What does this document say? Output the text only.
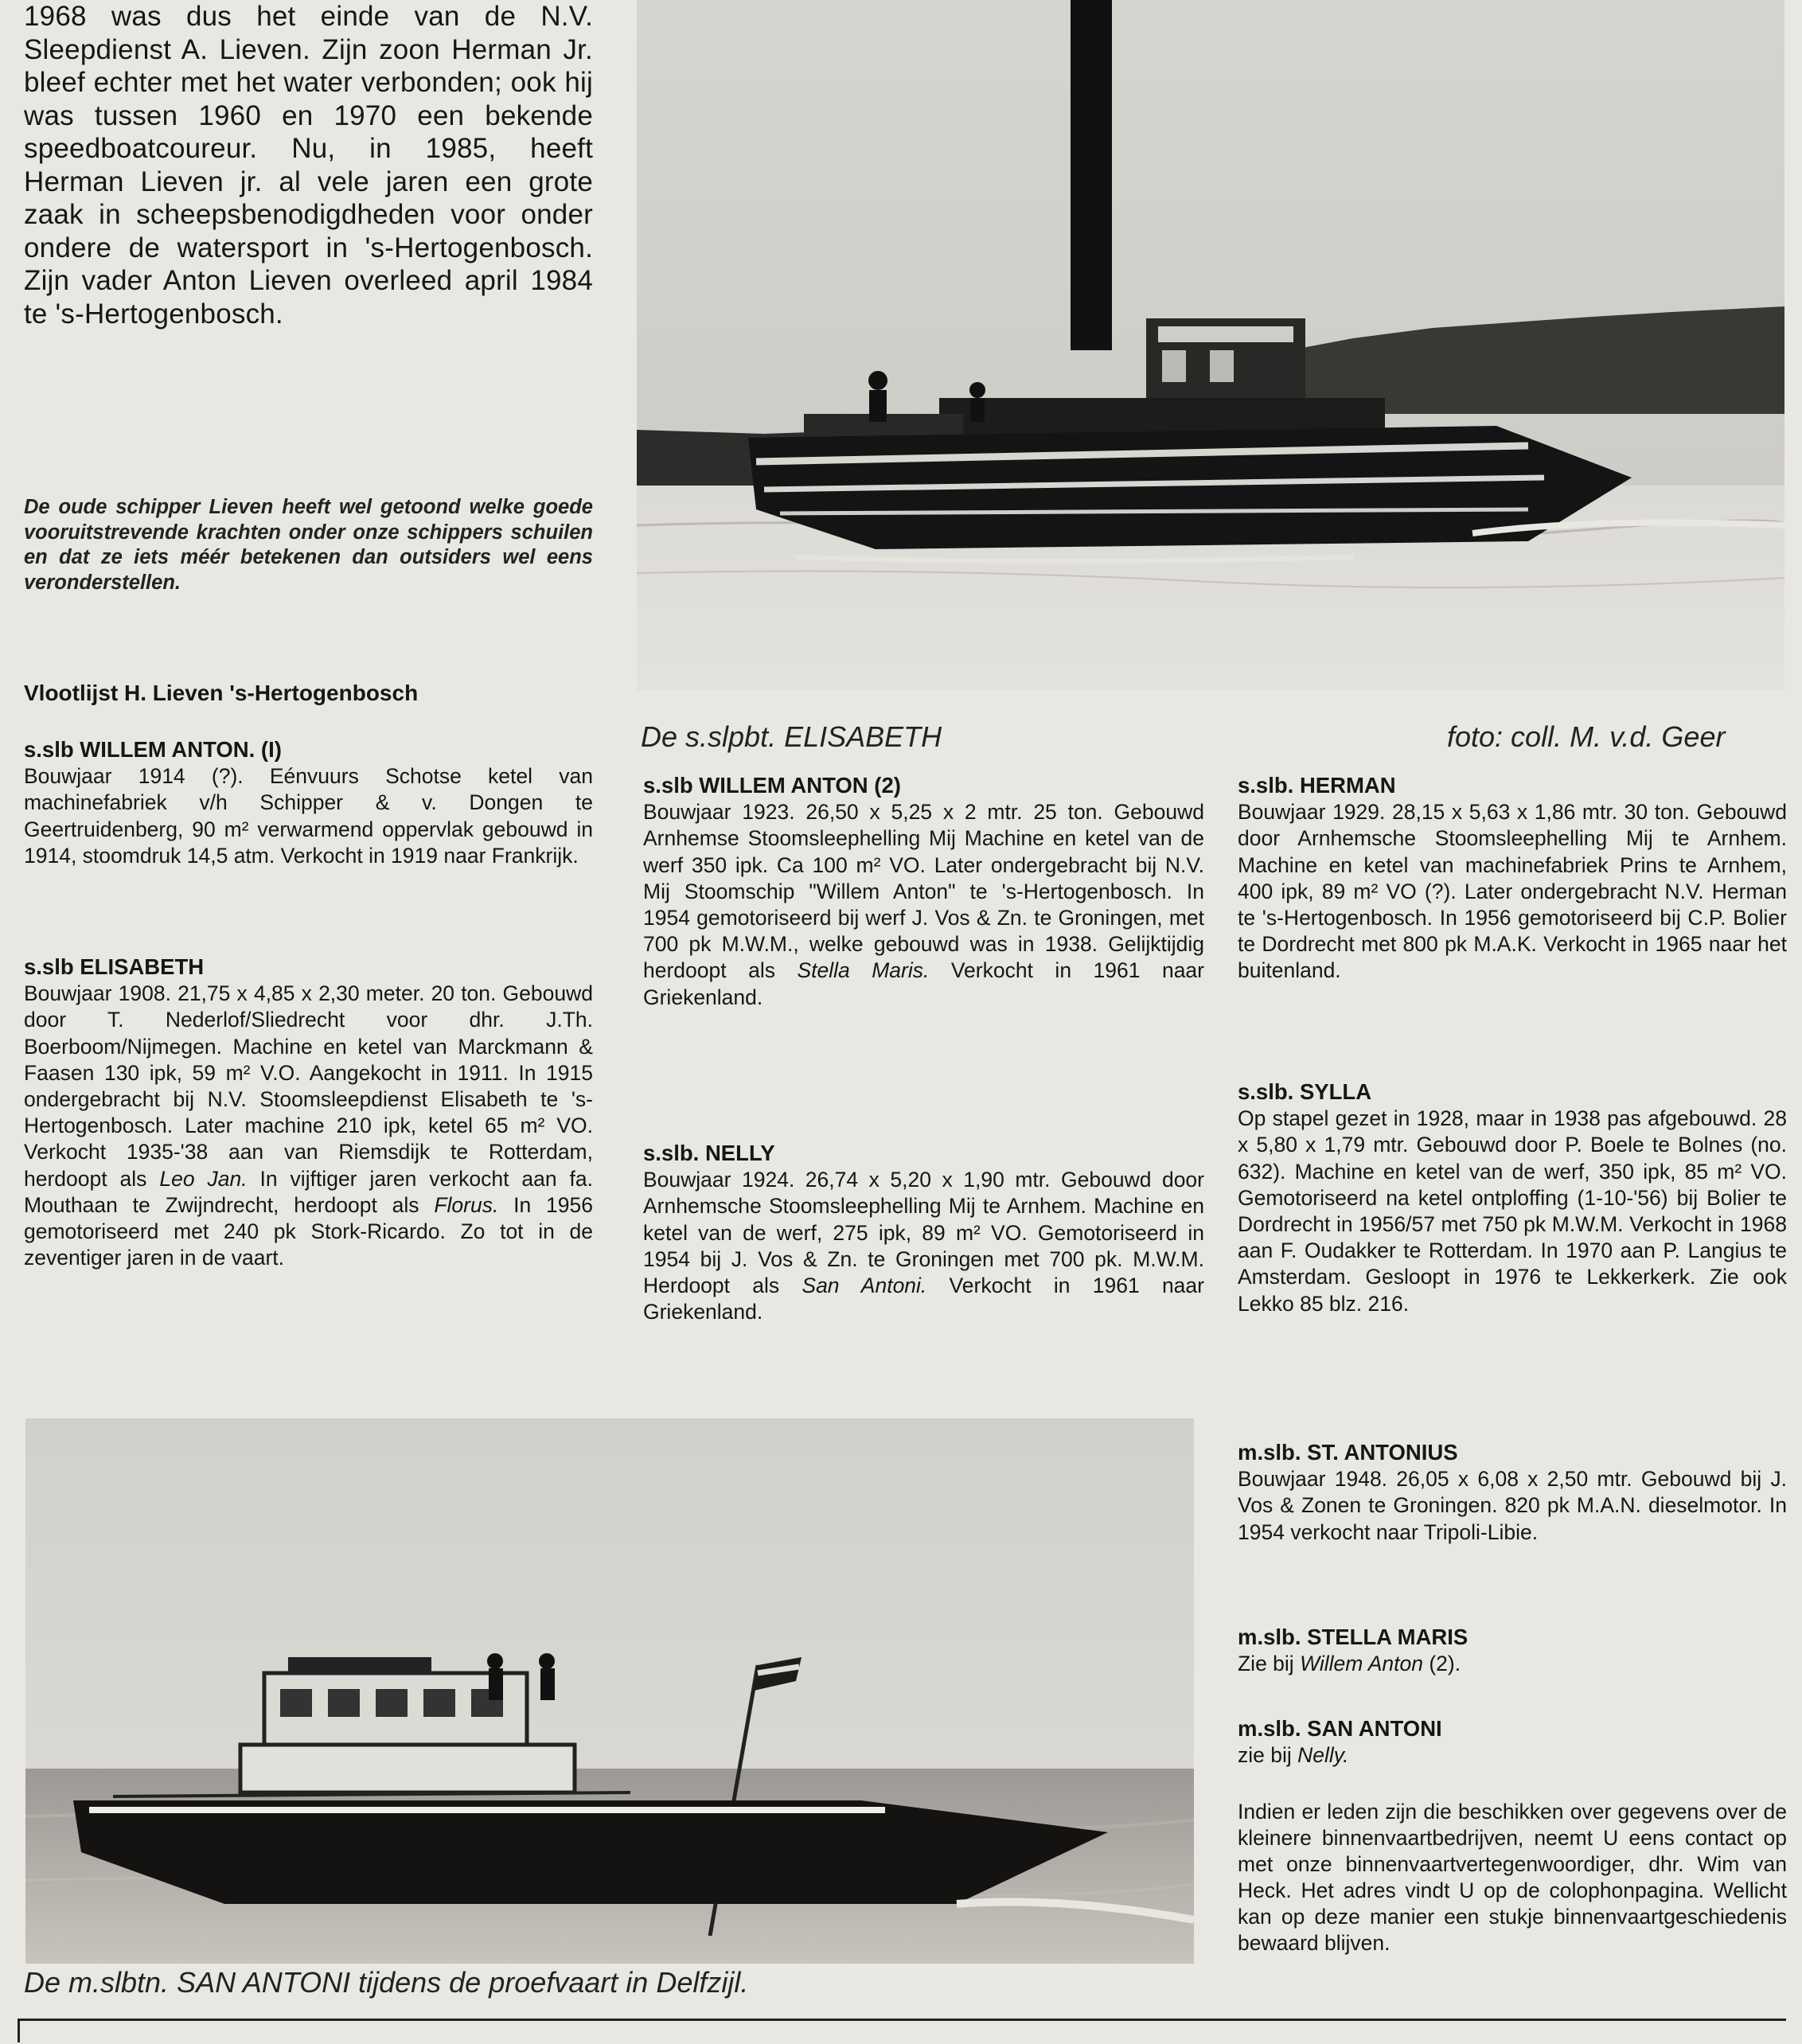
1968 was dus het einde van de N.V. Sleepdienst A. Lieven. Zijn zoon Herman Jr. bleef echter met het water verbonden; ook hij was tussen 1960 en 1970 een bekende speedboatcoureur. Nu, in 1985, heeft Herman Lieven jr. al vele jaren een grote zaak in scheepsbenodigdheden voor onder ondere de watersport in 's-Hertogenbosch. Zijn vader Anton Lieven overleed april 1984 te 's-Hertogenbosch.

De oude schipper Lieven heeft wel getoond welke goede vooruitstrevende krachten onder onze schippers schuilen en dat ze iets méér betekenen dan outsiders wel eens veronderstellen.
Vlootlijst H. Lieven 's-Hertogenbosch
De s.slpbt. ELISABETH	foto: coll. M. v.d. Geer
s.slb WILLEM ANTON. (I)
Bouwjaar 1914 (?). Eénvuurs Schotse ketel van machinefabriek v/h Schipper & v. Dongen te Geertruidenberg, 90 m² verwarmend oppervlak gebouwd in 1914, stoomdruk 14,5 atm. Verkocht in 1919 naar Frankrijk.
s.slb ELISABETH
Bouwjaar 1908. 21,75 x 4,85 x 2,30 meter. 20 ton. Gebouwd door T. Nederlof/Sliedrecht voor dhr. J.Th. Boerboom/Nijmegen. Machine en ketel van Marckmann & Faasen 130 ipk, 59 m² V.O. Aangekocht in 1911. In 1915 ondergebracht bij N.V. Stoomsleepdienst Elisabeth te 's-Hertogenbosch. Later machine 210 ipk, ketel 65 m² VO. Verkocht 1935-'38 aan van Riemsdijk te Rotterdam, herdoopt als Leo Jan. In vijftiger jaren verkocht aan fa. Mouthaan te Zwijndrecht, herdoopt als Florus. In 1956 gemotoriseerd met 240 pk Stork-Ricardo. Zo tot in de zeventiger jaren in de vaart.
s.slb WILLEM ANTON (2)
Bouwjaar 1923. 26,50 x 5,25 x 2 mtr. 25 ton. Gebouwd Arnhemse Stoomsleephelling Mij Machine en ketel van de werf 350 ipk. Ca 100 m² VO. Later ondergebracht bij N.V. Mij Stoomschip "Willem Anton" te 's-Hertogenbosch. In 1954 gemotoriseerd bij werf J. Vos & Zn. te Groningen, met 700 pk M.W.M., welke gebouwd was in 1938. Gelijktijdig herdoopt als Stella Maris. Verkocht in 1961 naar Griekenland.
s.slb. NELLY
Bouwjaar 1924. 26,74 x 5,20 x 1,90 mtr. Gebouwd door Arnhemsche Stoomsleephelling Mij te Arnhem. Machine en ketel van de werf, 275 ipk, 89 m² VO. Gemotoriseerd in 1954 bij J. Vos & Zn. te Groningen met 700 pk. M.W.M. Herdoopt als San Antoni. Verkocht in 1961 naar Griekenland.
s.slb. HERMAN
Bouwjaar 1929. 28,15 x 5,63 x 1,86 mtr. 30 ton. Gebouwd door Arnhemsche Stoomsleephelling Mij te Arnhem. Machine en ketel van machinefabriek Prins te Arnhem, 400 ipk, 89 m² VO (?). Later ondergebracht N.V. Herman te 's-Hertogenbosch. In 1956 gemotoriseerd bij C.P. Bolier te Dordrecht met 800 pk M.A.K. Verkocht in 1965 naar het buitenland.
s.slb. SYLLA
Op stapel gezet in 1928, maar in 1938 pas afgebouwd. 28 x 5,80 x 1,79 mtr. Gebouwd door P. Boele te Bolnes (no. 632). Machine en ketel van de werf, 350 ipk, 85 m² VO. Gemotoriseerd na ketel ontploffing (1-10-'56) bij Bolier te Dordrecht in 1956/57 met 750 pk M.W.M. Verkocht in 1968 aan F. Oudakker te Rotterdam. In 1970 aan P. Langius te Amsterdam. Gesloopt in 1976 te Lekkerkerk. Zie ook Lekko 85 blz. 216.
m.slb. ST. ANTONIUS
Bouwjaar 1948. 26,05 x 6,08 x 2,50 mtr. Gebouwd bij J. Vos & Zonen te Groningen. 820 pk M.A.N. dieselmotor. In 1954 verkocht naar Tripoli-Libie.
m.slb. STELLA MARIS
Zie bij Willem Anton (2).
m.slb. SAN ANTONI
zie bij Nelly.
Indien er leden zijn die beschikken over gegevens over de kleinere binnenvaartbedrijven, neemt U eens contact op met onze binnenvaartvertegenwoordiger, dhr. Wim van Heck. Het adres vindt U op de colophonpagina. Wellicht kan op deze manier een stukje binnenvaartgeschiedenis bewaard blijven.
De m.slbtn. SAN ANTONI tijdens de proefvaart in Delfzijl.
